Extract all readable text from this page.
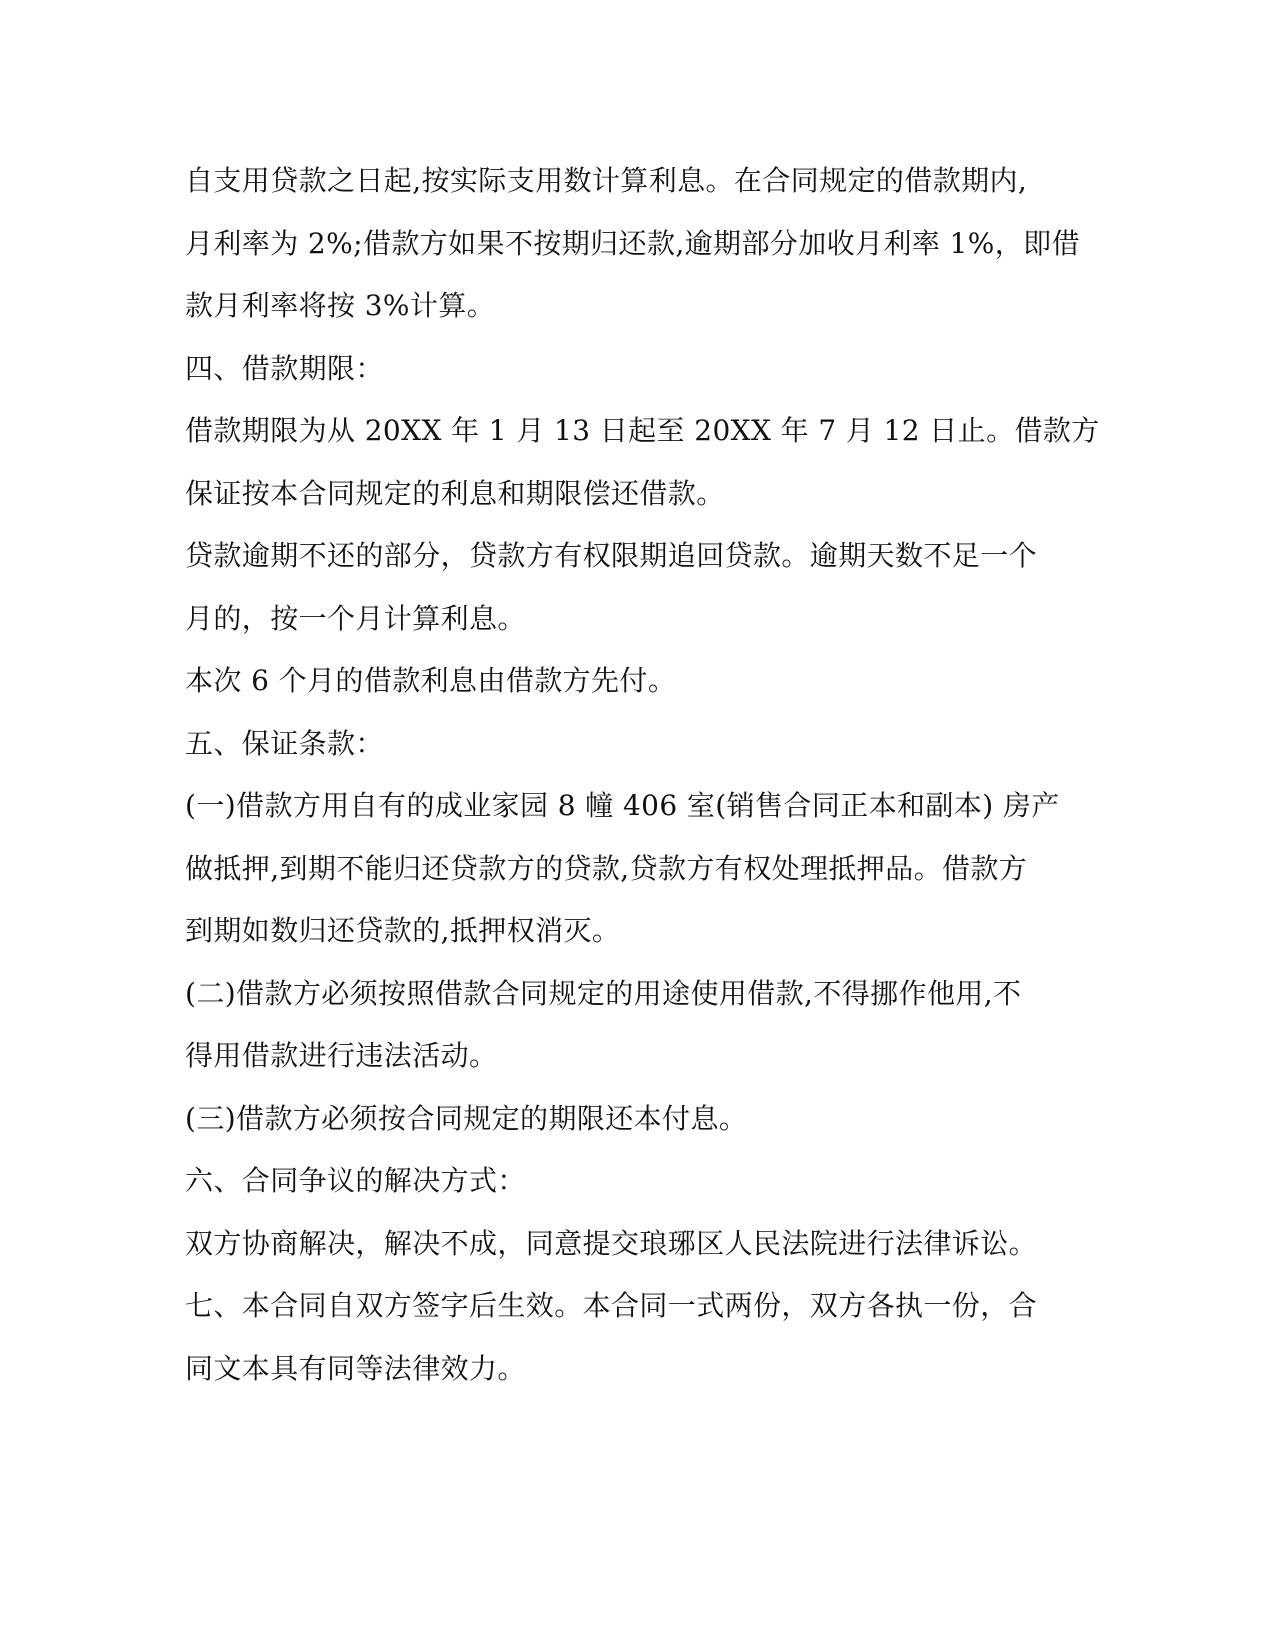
自支用贷款之日起,按实际支用数计算利息。在合同规定的借款期内,
月利率为 2%;借款方如果不按期归还款,逾期部分加收月利率 1%，即借
款月利率将按 3%计算。
四、借款期限：
借款期限为从 20XX 年 1 月 13 日起至 20XX 年 7 月 12 日止。借款方
保证按本合同规定的利息和期限偿还借款。
贷款逾期不还的部分，贷款方有权限期追回贷款。逾期天数不足一个
月的，按一个月计算利息。
本次 6 个月的借款利息由借款方先付。
五、保证条款：
(一)借款方用自有的成业家园 8 幢 406 室(销售合同正本和副本) 房产
做抵押,到期不能归还贷款方的贷款,贷款方有权处理抵押品。借款方
到期如数归还贷款的,抵押权消灭。
(二)借款方必须按照借款合同规定的用途使用借款,不得挪作他用,不
得用借款进行违法活动。
(三)借款方必须按合同规定的期限还本付息。
六、合同争议的解决方式：
双方协商解决，解决不成，同意提交琅琊区人民法院进行法律诉讼。
七、本合同自双方签字后生效。本合同一式两份，双方各执一份，合
同文本具有同等法律效力。
